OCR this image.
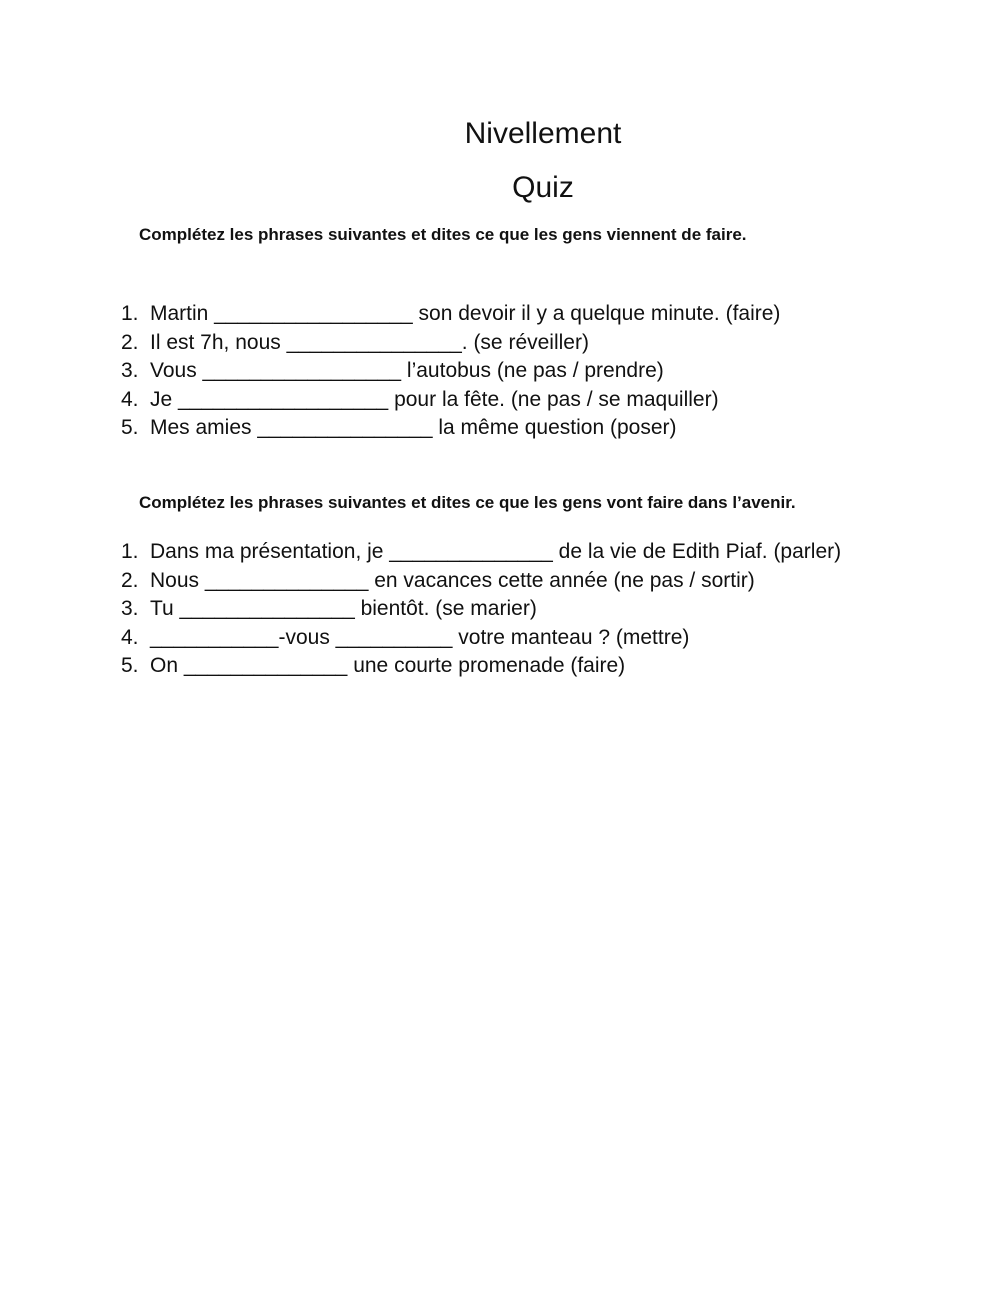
Nivellement
Quiz

Complétez les phrases suivantes et dites ce que les gens viennent de faire.

1. Martin _________________ son devoir il y a quelque minute. (faire)
2. Il est 7h, nous _______________. (se réveiller)
3. Vous _________________ l’autobus (ne pas / prendre)
4. Je __________________ pour la fête. (ne pas / se maquiller)
5. Mes amies _______________ la même question (poser)

Complétez les phrases suivantes et dites ce que les gens vont faire dans l’avenir.

1. Dans ma présentation, je ______________ de la vie de Edith Piaf. (parler)
2. Nous ______________ en vacances cette année (ne pas / sortir)
3. Tu _______________ bientôt. (se marier)
4. ___________-vous __________ votre manteau ? (mettre)
5. On ______________ une courte promenade (faire)
